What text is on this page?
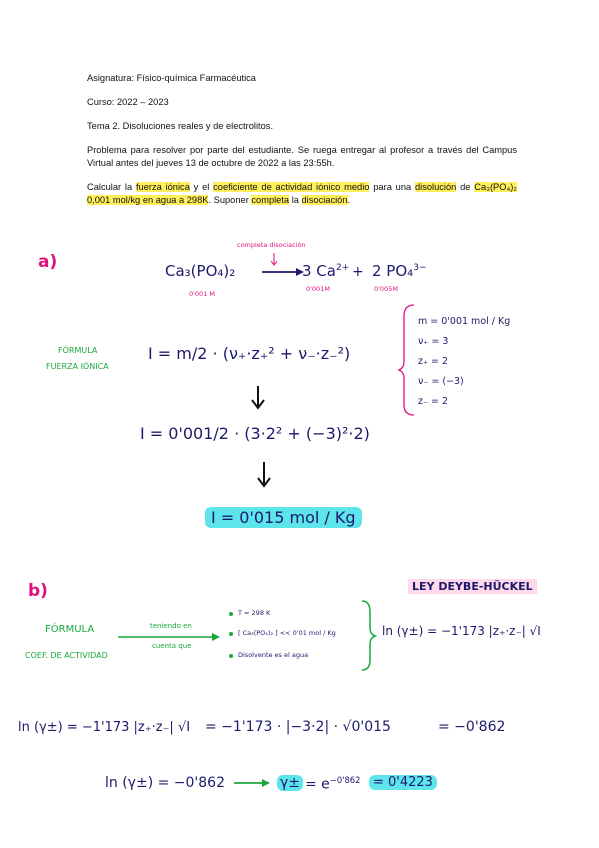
Asignatura: Físico-química Farmacéutica

Curso: 2022 – 2023

Tema 2. Disoluciones reales y de electrolitos.

Problema para resolver por parte del estudiante. Se ruega entregar al profesor a través del Campus Virtual antes del jueves 13 de octubre de 2022 a las 23:55h.

Calcular la fuerza iónica y el coeficiente de actividad iónico medio para una disolución de Ca₃(PO₄)₂ 0,001 mol/kg en agua a 298K. Suponer completa la disociación.

a)
completa disociación
Ca₃(PO₄)₂
0'001 M
3 $Ca^{2+} + 2$ PO₄$^{3-}$
0'001M	0'005M
FÓRMULA
FUERZA IÓNICA
I = m/2 · (ν₊·z₊² + ν₋·z₋²)
m = 0'001 mol / Kg
ν₊ = 3
z₊ = 2
ν₋ = (−3)
z₋ = 2
I = 0'001/2 · (3·2² + (−3)²·2)
I = 0'015 mol / Kg
b)	LEY DEYBE-HÜCKEL
FÓRMULA
COEF. DE ACTIVIDAD
teniendo en
cuenta que
T = 298 K
[ Ca₃(PO₄)₂ ] << 0'01 mol / Kg
Disolvente es el agua
ln (γ±) = −1'173 |z₊·z₋| √I
ln (γ±) = −1'173 |z₊·z₋| √I = −1'173 · |−3·2| · √0'015	= −0'862
ln (γ±) = −0'862	$\gamma\pm = e^{-0'862} = 0'4223$
